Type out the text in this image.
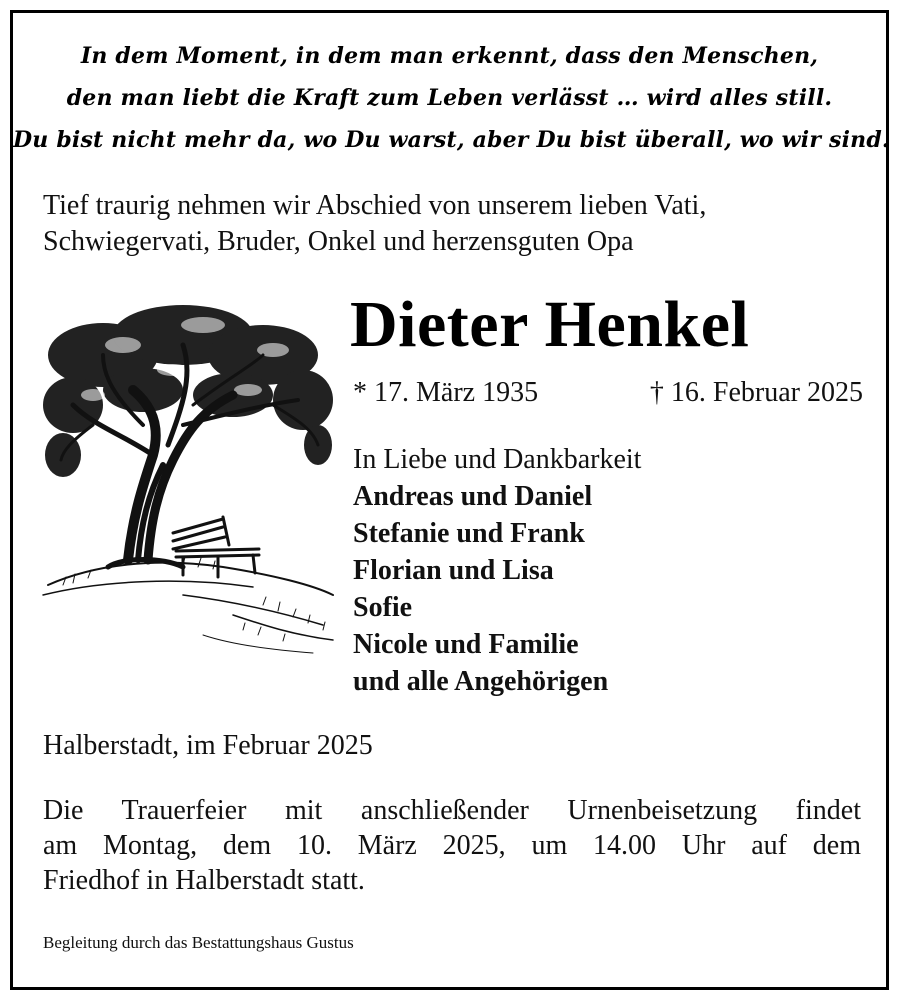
In dem Moment, in dem man erkennt, dass den Menschen,
den man liebt die Kraft zum Leben verlässt … wird alles still.
Du bist nicht mehr da, wo Du warst, aber Du bist überall, wo wir sind.
Tief traurig nehmen wir Abschied von unserem lieben Vati,
Schwiegervati, Bruder, Onkel und herzensguten Opa
Dieter Henkel
* 17. März 1935	† 16. Februar 2025
In Liebe und Dankbarkeit
Andreas und Daniel
Stefanie und Frank
Florian und Lisa
Sofie
Nicole und Familie
und alle Angehörigen
Halberstadt, im Februar 2025
Die Trauerfeier mit anschließender Urnenbeisetzung findet
am Montag, dem 10. März 2025, um 14.00 Uhr auf dem
Friedhof in Halberstadt statt.
Begleitung durch das Bestattungshaus Gustus
